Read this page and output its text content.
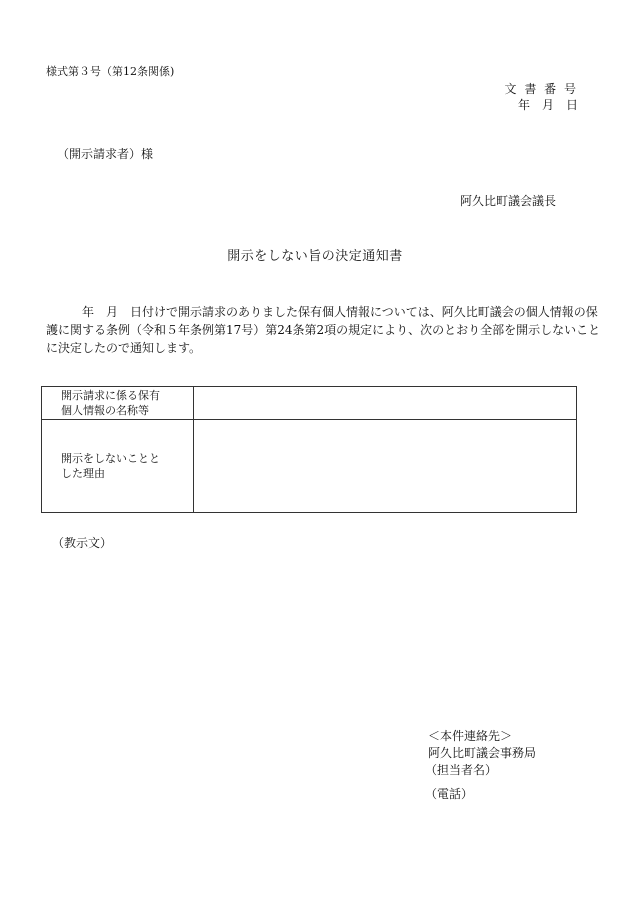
様式第３号（第12条関係)
文 書 番 号
年　月　日
（開示請求者）様
阿久比町議会議長
開示をしない旨の決定通知書
　　　年　月　日付けで開示請求のありました保有個人情報については、阿久比町議会の個人情報の保
護に関する条例（令和５年条例第17号）第24条第2項の規定により、次のとおり全部を開示しないこと
に決定したので通知します。
開示請求に係る保有
個人情報の名称等	

開示をしないことと
した理由	

（教示文）
＜本件連絡先＞
阿久比町議会事務局
（担当者名）
（電話）
